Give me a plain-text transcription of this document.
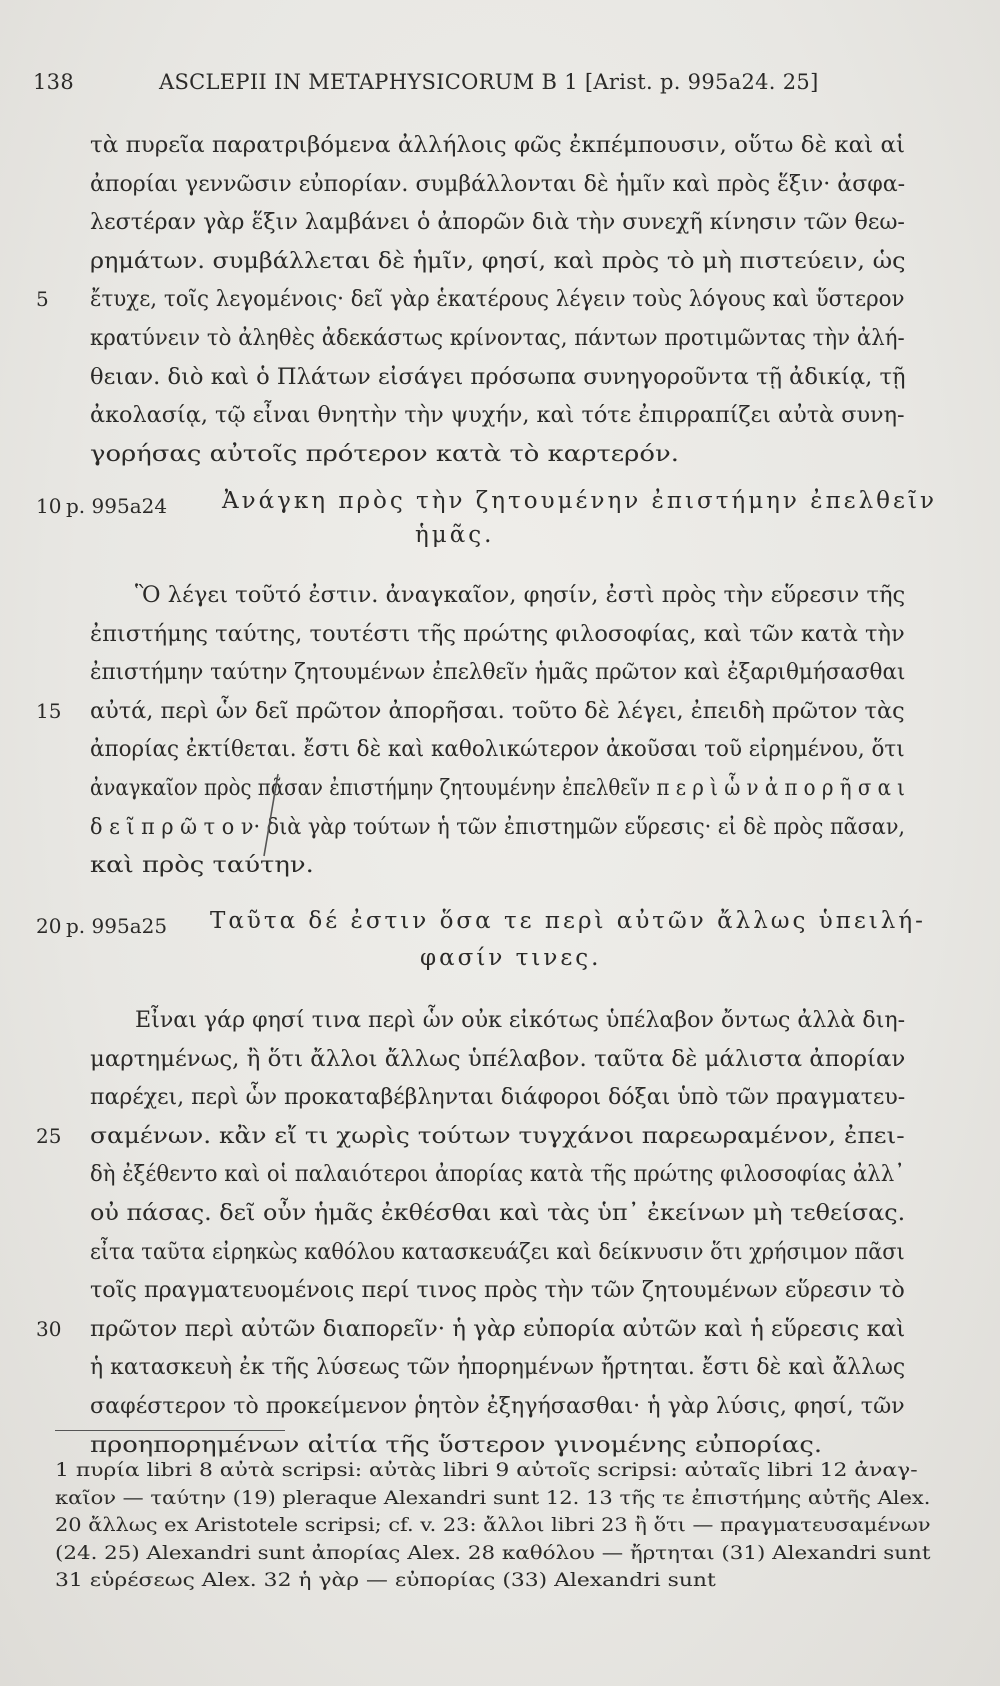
138	ASCLEPII IN METAPHYSICORUM B 1 [Arist. p. 995a24. 25]
τὰ πυρεῖα παρατριβόμενα ἀλλήλοις φῶς ἐκπέμπουσιν, οὕτω δὲ καὶ αἱ
ἀπορίαι γεννῶσιν εὐπορίαν. συμβάλλονται δὲ ἡμῖν καὶ πρὸς ἕξιν· ἀσφα-
λεστέραν γὰρ ἕξιν λαμβάνει ὁ ἀπορῶν διὰ τὴν συνεχῆ κίνησιν τῶν θεω-
ρημάτων. συμβάλλεται δὲ ἡμῖν, φησί, καὶ πρὸς τὸ μὴ πιστεύειν, ὡς
5 ἔτυχε, τοῖς λεγομένοις· δεῖ γὰρ ἑκατέρους λέγειν τοὺς λόγους καὶ ὕστερον
κρατύνειν τὸ ἀληθὲς ἀδεκάστως κρίνοντας, πάντων προτιμῶντας τὴν ἀλή-
θειαν. διὸ καὶ ὁ Πλάτων εἰσάγει πρόσωπα συνηγοροῦντα τῇ ἀδικίᾳ, τῇ
ἀκολασίᾳ, τῷ εἶναι θνητὴν τὴν ψυχήν, καὶ τότε ἐπιρραπίζει αὐτὰ συνη-
γορήσας αὐτοῖς πρότερον κατὰ τὸ καρτερόν.
10 p. 995a24 Ἀνάγκη πρὸς τὴν ζητουμένην ἐπιστήμην ἐπελθεῖν
ἡμᾶς.
Ὃ λέγει τοῦτό ἐστιν. ἀναγκαῖον, φησίν, ἐστὶ πρὸς τὴν εὕρεσιν τῆς
ἐπιστήμης ταύτης, τουτέστι τῆς πρώτης φιλοσοφίας, καὶ τῶν κατὰ τὴν
ἐπιστήμην ταύτην ζητουμένων ἐπελθεῖν ἡμᾶς πρῶτον καὶ ἐξαριθμήσασθαι
15 αὐτά, περὶ ὧν δεῖ πρῶτον ἀπορῆσαι. τοῦτο δὲ λέγει, ἐπειδὴ πρῶτον τὰς
ἀπορίας ἐκτίθεται. ἔστι δὲ καὶ καθολικώτερον ἀκοῦσαι τοῦ εἰρημένου, ὅτι
ἀναγκαῖον πρὸς πᾶσαν ἐπιστήμην ζητουμένην ἐπελθεῖν π ε ρ ὶ ὧ ν ἀ π ο ρ ῆ σ α ι
δ ε ῖ π ρ ῶ τ ο ν· διὰ γὰρ τούτων ἡ τῶν ἐπιστημῶν εὕρεσις· εἰ δὲ πρὸς πᾶσαν,
καὶ πρὸς ταύτην.
20 p. 995a25 Ταῦτα δέ ἐστιν ὅσα τε περὶ αὐτῶν ἄλλως ὑπειλή-
φασίν τινες.
Εἶναι γάρ φησί τινα περὶ ὧν οὐκ εἰκότως ὑπέλαβον ὄντως ἀλλὰ διη-
μαρτημένως, ἢ ὅτι ἄλλοι ἄλλως ὑπέλαβον. ταῦτα δὲ μάλιστα ἀπορίαν
παρέχει, περὶ ὧν προκαταβέβληνται διάφοροι δόξαι ὑπὸ τῶν πραγματευ-
25 σαμένων. κἂν εἴ τι χωρὶς τούτων τυγχάνοι παρεωραμένον, ἐπει-
δὴ ἐξέθεντο καὶ οἱ παλαιότεροι ἀπορίας κατὰ τῆς πρώτης φιλοσοφίας ἀλλ᾽
οὐ πάσας. δεῖ οὖν ἡμᾶς ἐκθέσθαι καὶ τὰς ὑπ᾽ ἐκείνων μὴ τεθείσας.
εἶτα ταῦτα εἰρηκὼς καθόλου κατασκευάζει καὶ δείκνυσιν ὅτι χρήσιμον πᾶσι
τοῖς πραγματευομένοις περί τινος πρὸς τὴν τῶν ζητουμένων εὕρεσιν τὸ
30 πρῶτον περὶ αὐτῶν διαπορεῖν· ἡ γὰρ εὐπορία αὐτῶν καὶ ἡ εὕρεσις καὶ
ἡ κατασκευὴ ἐκ τῆς λύσεως τῶν ἠπορημένων ἤρτηται. ἔστι δὲ καὶ ἄλλως
σαφέστερον τὸ προκείμενον ῥητὸν ἐξηγήσασθαι· ἡ γὰρ λύσις, φησί, τῶν
προηπορημένων αἰτία τῆς ὕστερον γινομένης εὐπορίας.
1 πυρία libri 8 αὐτὰ scripsi: αὐτὰς libri 9 αὐτοῖς scripsi: αὐταῖς libri 12 ἀναγ-
καῖον — ταύτην (19) pleraque Alexandri sunt 12. 13 τῆς τε ἐπιστήμης αὐτῆς Alex.
20 ἄλλως ex Aristotele scripsi; cf. v. 23: ἄλλοι libri 23 ἢ ὅτι — πραγματευσαμένων
(24. 25) Alexandri sunt ἀπορίας Alex. 28 καθόλου — ἤρτηται (31) Alexandri sunt
31 εὑρέσεως Alex. 32 ἡ γὰρ — εὐπορίας (33) Alexandri sunt
